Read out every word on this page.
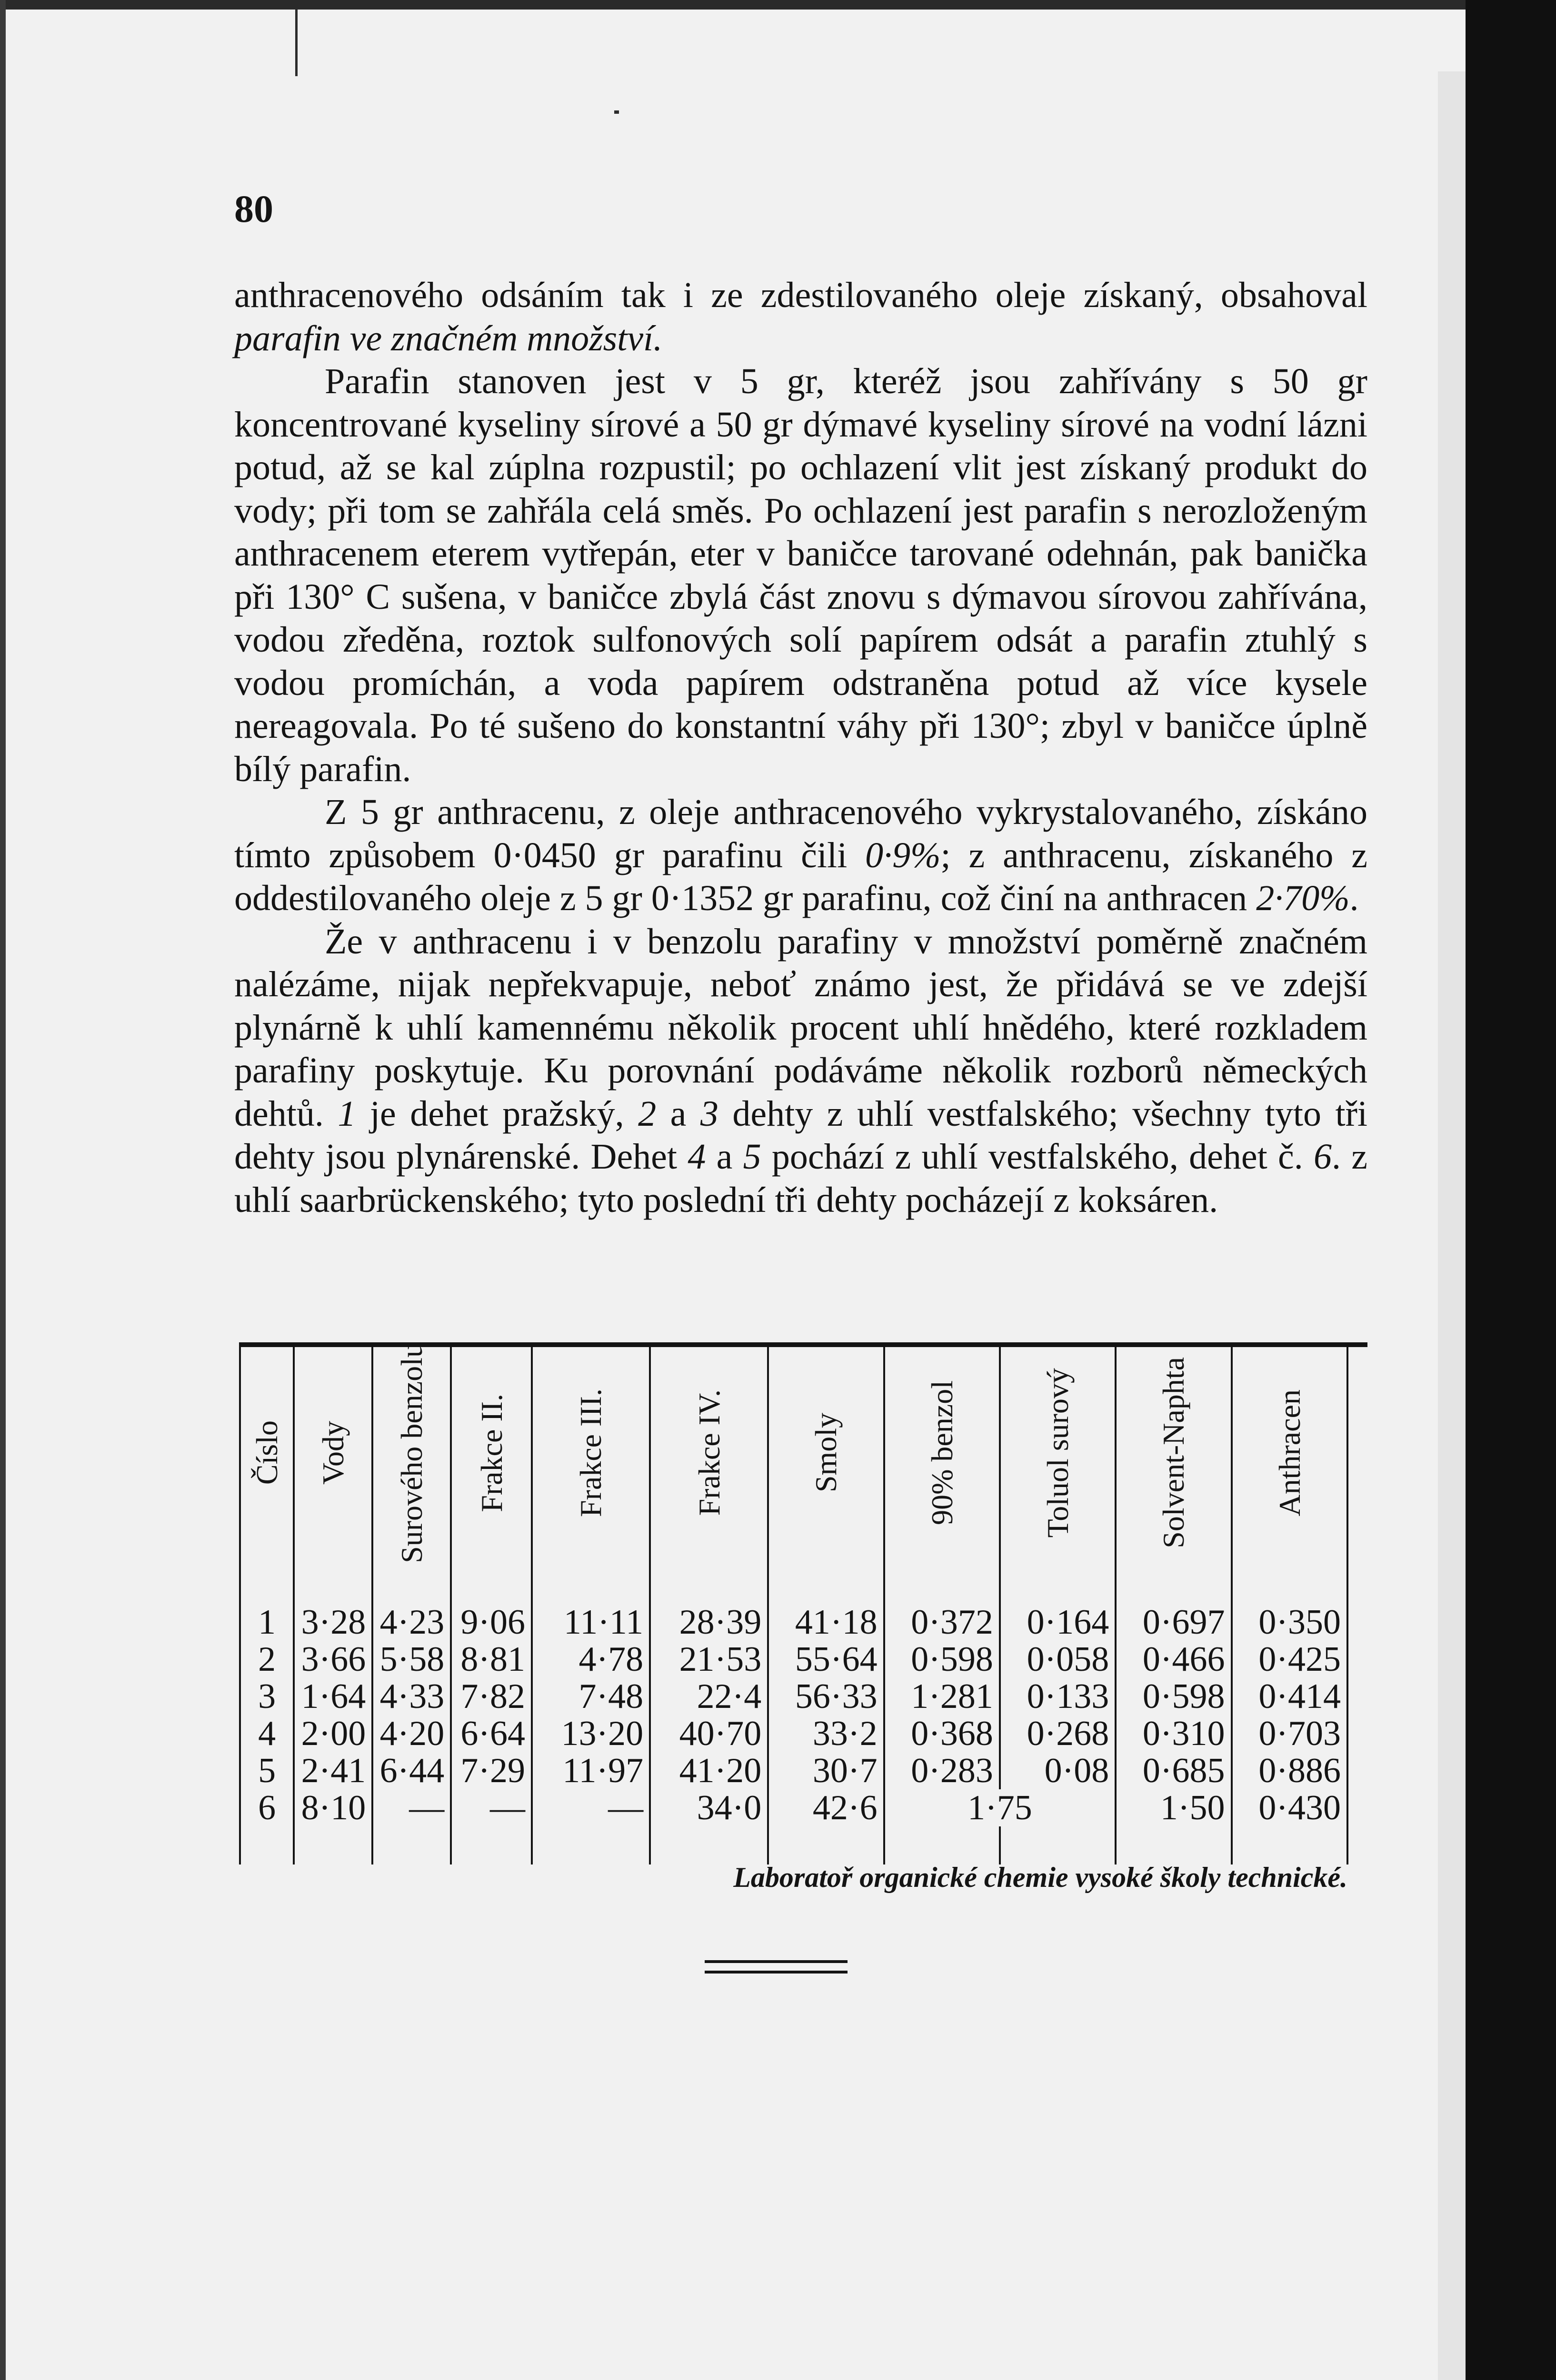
80

anthracenového odsáním tak i ze zdestilovaného oleje získaný, obsahoval parafin ve značném množství.

Parafin stanoven jest v 5 gr, kteréž jsou zahřívány s 50 gr koncentrované kyseliny sírové a 50 gr dýmavé kyseliny sírové na vodní lázni potud, až se kal zúplna rozpustil; po ochlazení vlit jest získaný produkt do vody; při tom se zahřála celá směs. Po ochlazení jest parafin s nerozloženým anthracenem eterem vytřepán, eter v baničce tarované odehnán, pak banička při 130° C sušena, v baničce zbylá část znovu s dýmavou sírovou zahřívána, vodou zředěna, roztok sulfonových solí papírem odsát a parafin ztuhlý s vodou promíchán, a voda papírem odstraněna potud až více kysele nereagovala. Po té sušeno do konstantní váhy při 130°; zbyl v baničce úplně bílý parafin.

Z 5 gr anthracenu, z oleje anthracenového vykrystalovaného, získáno tímto způsobem 0·0450 gr parafinu čili 0·9%; z anthracenu, získaného z oddestilovaného oleje z 5 gr 0·1352 gr parafinu, což činí na anthracen 2·70%.

Že v anthracenu i v benzolu parafiny v množství poměrně značném nalézáme, nijak nepřekvapuje, neboť známo jest, že přidává se ve zdejší plynárně k uhlí kamennému několik procent uhlí hnědého, které rozkladem parafiny poskytuje. Ku porovnání podáváme několik rozborů německých dehtů. 1 je dehet pražský, 2 a 3 dehty z uhlí vestfalského; všechny tyto tři dehty jsou plynárenské. Dehet 4 a 5 pochází z uhlí vestfalského, dehet č. 6. z uhlí saarbrückenského; tyto poslední tři dehty pocházejí z koksáren.

Číslo	Vody	Surového benzolu	Frakce II.	Frakce III.	Frakce IV.	Smoly	90% benzol	Toluol surový	Solvent-Naphta	Anthracen

1	3·28	4·23	9·06	11·11	28·39	41·18	0·372	0·164	0·697	0·350
2	3·66	5·58	8·81	4·78	21·53	55·64	0·598	0·058	0·466	0·425
3	1·64	4·33	7·82	7·48	22·4	56·33	1·281	0·133	0·598	0·414
4	2·00	4·20	6·64	13·20	40·70	33·2	0·368	0·268	0·310	0·703
5	2·41	6·44	7·29	11·97	41·20	30·7	0·283	0·08	0·685	0·886
6	8·10	—	—	—	34·0	42·6	1·75		1·50	0·430

Laboratoř organické chemie vysoké školy technické.
